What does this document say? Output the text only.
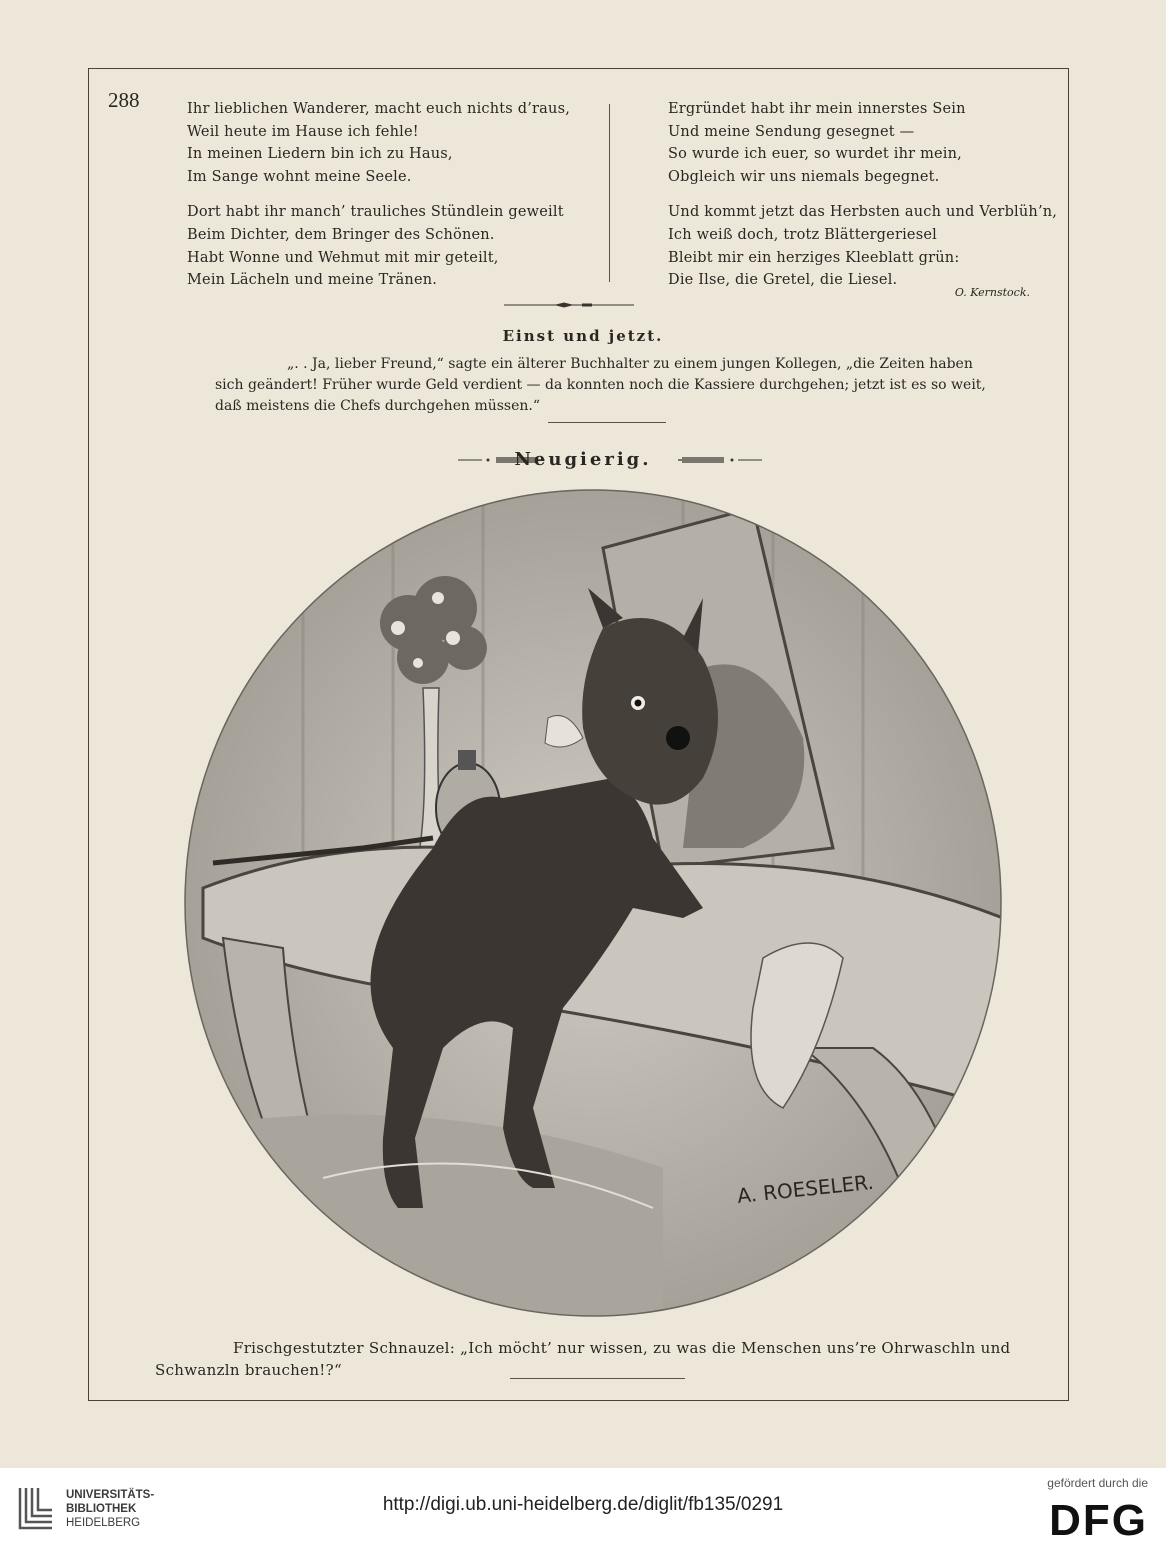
288	Ihr lieblichen Wanderer, macht euch nichts d’raus,
Weil heute im Hause ich fehle!
In meinen Liedern bin ich zu Haus,
Im Sange wohnt meine Seele.
Dort habt ihr manch’ trauliches Stündlein geweilt
Beim Dichter, dem Bringer des Schönen.
Habt Wonne und Wehmut mit mir geteilt,
Mein Lächeln und meine Tränen.
Ergründet habt ihr mein innerstes Sein
Und meine Sendung gesegnet —
So wurde ich euer, so wurdet ihr mein,
Obgleich wir uns niemals begegnet.
Und kommt jetzt das Herbsten auch und Verblüh’n,
Ich weiß doch, trotz Blättergeriesel
Bleibt mir ein herziges Kleeblatt grün:
Die Ilse, die Gretel, die Liesel.
O. Kernstock.
Einst und jetzt.
„. . Ja, lieber Freund,“ sagte ein älterer Buchhalter zu einem jungen Kollegen, „die Zeiten haben
sich geändert! Früher wurde Geld verdient — da konnten noch die Kassiere durchgehen; jetzt ist es so weit,
daß meistens die Chefs durchgehen müssen.“
Neugierig.
A. ROESELER.
Frischgestutzter Schnauzel: „Ich möcht’ nur wissen, zu was die Menschen uns’re Ohrwaschln und
Schwanzln brauchen!?“
UNIVERSITÄTS-
BIBLIOTHEK
HEIDELBERG
http://digi.ub.uni-heidelberg.de/diglit/fb135/0291
gefördert durch die
DFG
